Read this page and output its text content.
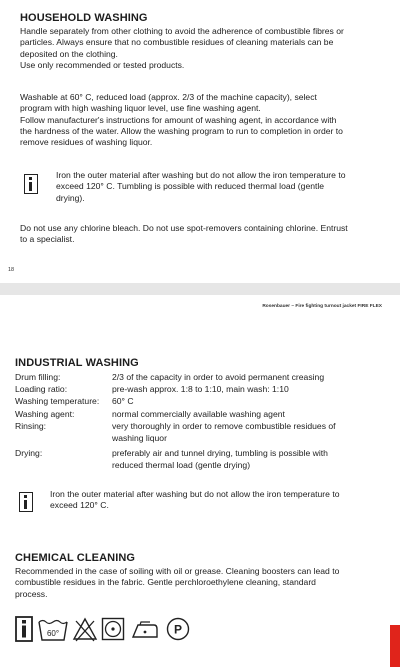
HOUSEHOLD WASHING
Handle separately from other clothing to avoid the adherence of combustible fibres or
particles. Always ensure that no combustible residues of cleaning materials can be
deposited on the clothing.
Use only recommended or tested products.
Washable at 60° C, reduced load (approx. 2/3 of the machine capacity), select
program with high washing liquor level, use fine washing agent.
Follow manufacturer's instructions for amount of washing agent, in accordance with
the hardness of the water. Allow the washing program to run to completion in order to
remove residues of washing liquor.
Iron the outer material after washing but do not allow the iron temperature to
exceed 120° C. Tumbling is possible with reduced thermal load (gentle
drying).
Do not use any chlorine bleach. Do not use spot-removers containing chlorine. Entrust
to a specialist.
18
Rosenbauer – Fire fighting turnout jacket FIRE FLEX
INDUSTRIAL WASHING
Drum filling:	2/3 of the capacity in order to avoid permanent creasing
Loading ratio:	pre-wash approx. 1:8 to 1:10, main wash: 1:10
Washing temperature: 60° C
Washing agent:	normal commercially available washing agent
Rinsing:	very thoroughly in order to remove combustible residues of
washing liquor
Drying:	preferably air and tunnel drying, tumbling is possible with
reduced thermal load (gentle drying)
Iron the outer material after washing but do not allow the iron temperature to
exceed 120° C.
CHEMICAL CLEANING
Recommended in the case of soiling with oil or grease. Cleaning boosters can lead to
combustible residues in the fabric. Gentle perchloroethylene cleaning, standard
process.
60°	P
